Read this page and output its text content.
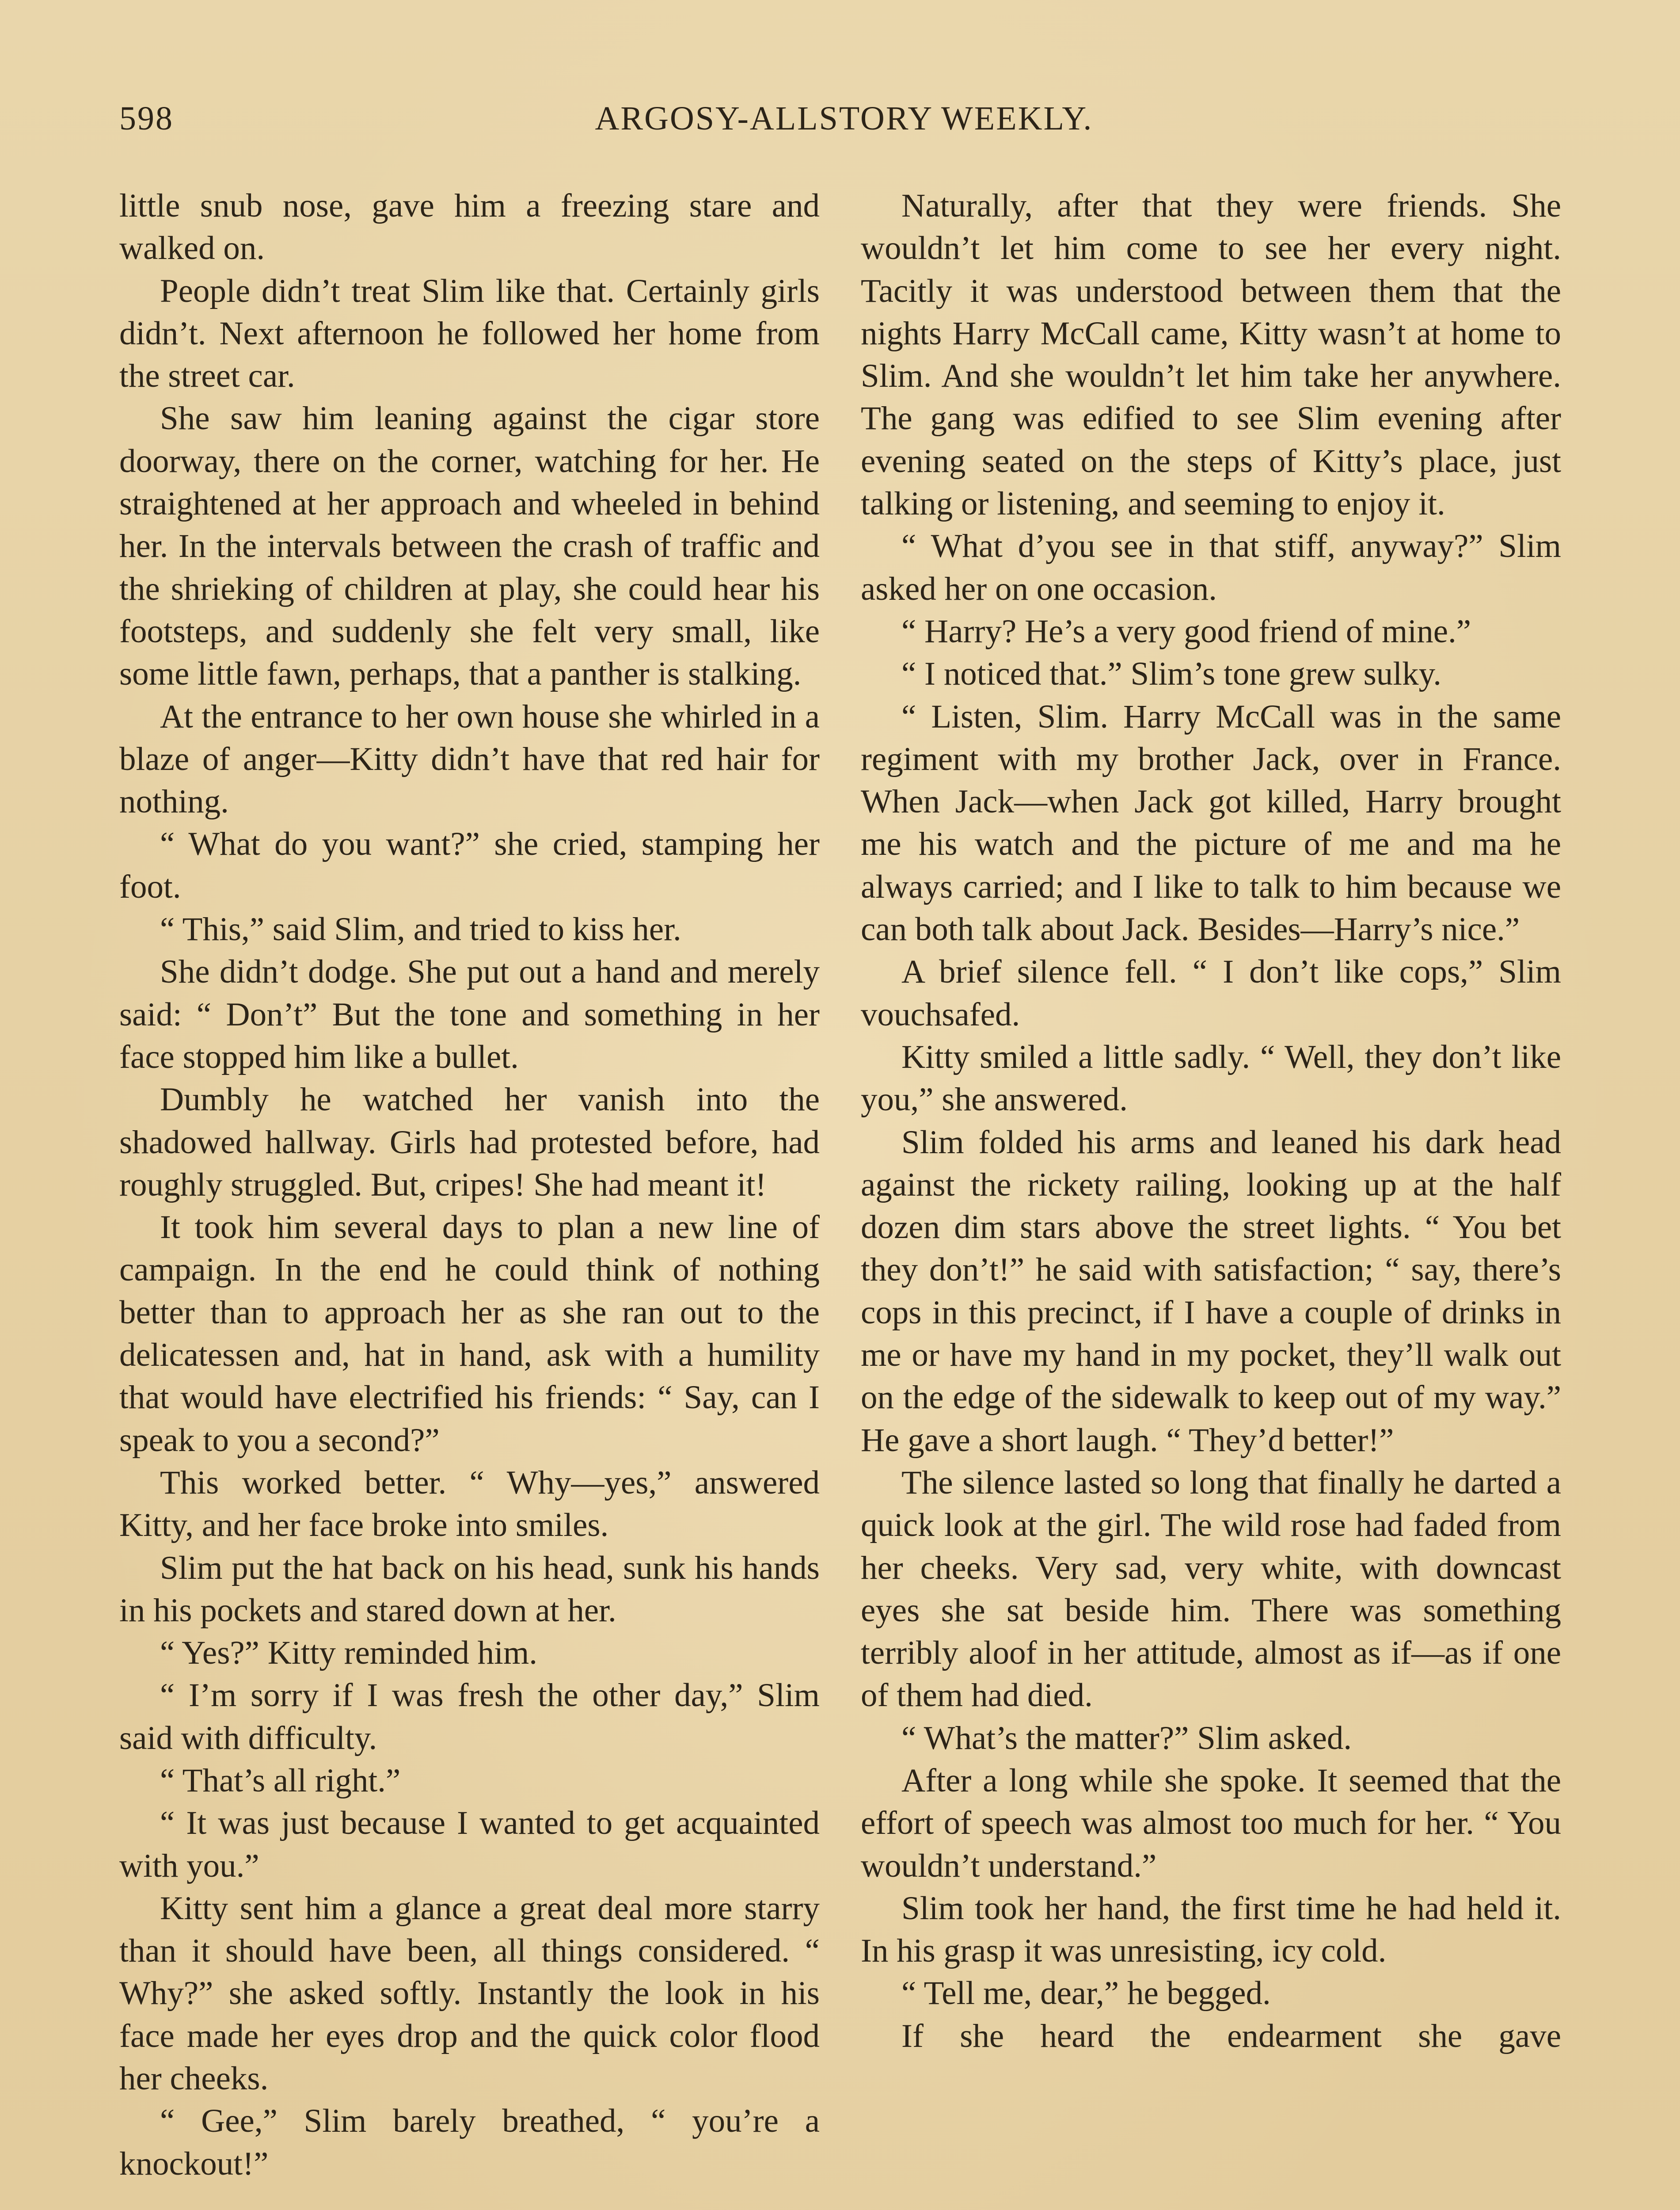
598	ARGOSY-ALLSTORY WEEKLY.

little snub nose, gave him a freezing stare and walked on.

People didn’t treat Slim like that. Certainly girls didn’t. Next afternoon he followed her home from the street car.

She saw him leaning against the cigar store doorway, there on the corner, watching for her. He straightened at her approach and wheeled in behind her. In the intervals between the crash of traffic and the shrieking of children at play, she could hear his footsteps, and suddenly she felt very small, like some little fawn, perhaps, that a panther is stalking.

At the entrance to her own house she whirled in a blaze of anger—Kitty didn’t have that red hair for nothing.

“ What do you want?” she cried, stamping her foot.

“ This,” said Slim, and tried to kiss her.

She didn’t dodge. She put out a hand and merely said: “ Don’t” But the tone and something in her face stopped him like a bullet.

Dumbly he watched her vanish into the shadowed hallway. Girls had protested before, had roughly struggled. But, cripes! She had meant it!

It took him several days to plan a new line of campaign. In the end he could think of nothing better than to approach her as she ran out to the delicatessen and, hat in hand, ask with a humility that would have electrified his friends: “ Say, can I speak to you a second?”

This worked better. “ Why—yes,” answered Kitty, and her face broke into smiles.

Slim put the hat back on his head, sunk his hands in his pockets and stared down at her.

“ Yes?” Kitty reminded him.

“ I’m sorry if I was fresh the other day,” Slim said with difficulty.

“ That’s all right.”

“ It was just because I wanted to get acquainted with you.”

Kitty sent him a glance a great deal more starry than it should have been, all things considered. “ Why?” she asked softly. Instantly the look in his face made her eyes drop and the quick color flood her cheeks.

“ Gee,” Slim barely breathed, “ you’re a knockout!”

Naturally, after that they were friends. She wouldn’t let him come to see her every night. Tacitly it was understood between them that the nights Harry McCall came, Kitty wasn’t at home to Slim. And she wouldn’t let him take her anywhere. The gang was edified to see Slim evening after evening seated on the steps of Kitty’s place, just talking or listening, and seeming to enjoy it.

“ What d’you see in that stiff, anyway?” Slim asked her on one occasion.

“ Harry? He’s a very good friend of mine.”

“ I noticed that.” Slim’s tone grew sulky.

“ Listen, Slim. Harry McCall was in the same regiment with my brother Jack, over in France. When Jack—when Jack got killed, Harry brought me his watch and the picture of me and ma he always carried; and I like to talk to him because we can both talk about Jack. Besides—Harry’s nice.”

A brief silence fell. “ I don’t like cops,” Slim vouchsafed.

Kitty smiled a little sadly. “ Well, they don’t like you,” she answered.

Slim folded his arms and leaned his dark head against the rickety railing, looking up at the half dozen dim stars above the street lights. “ You bet they don’t!” he said with satisfaction; “ say, there’s cops in this precinct, if I have a couple of drinks in me or have my hand in my pocket, they’ll walk out on the edge of the sidewalk to keep out of my way.” He gave a short laugh. “ They’d better!”

The silence lasted so long that finally he darted a quick look at the girl. The wild rose had faded from her cheeks. Very sad, very white, with downcast eyes she sat beside him. There was something terribly aloof in her attitude, almost as if—as if one of them had died.

“ What’s the matter?” Slim asked.

After a long while she spoke. It seemed that the effort of speech was almost too much for her. “ You wouldn’t understand.”

Slim took her hand, the first time he had held it. In his grasp it was unresisting, icy cold.

“ Tell me, dear,” he begged.

If she heard the endearment she gave
